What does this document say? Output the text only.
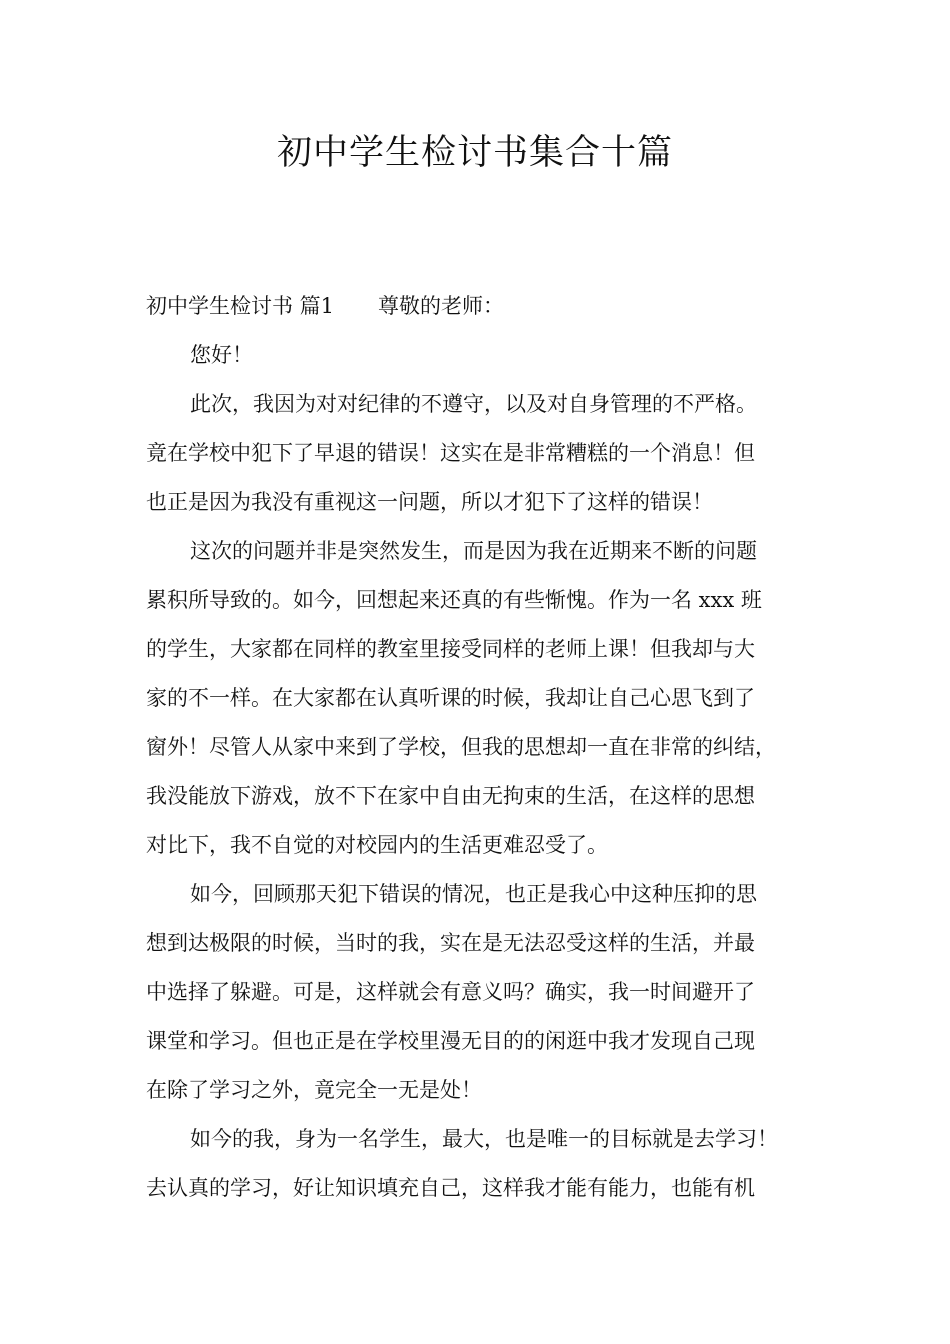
初中学生检讨书集合十篇
初中学生检讨书 篇1 尊敬的老师：
您好！
此次，我因为对对纪律的不遵守，以及对自身管理的不严格。
竟在学校中犯下了早退的错误！这实在是非常糟糕的一个消息！但
也正是因为我没有重视这一问题，所以才犯下了这样的错误！
这次的问题并非是突然发生，而是因为我在近期来不断的问题
累积所导致的。如今，回想起来还真的有些惭愧。作为一名 xxx 班
的学生，大家都在同样的教室里接受同样的老师上课！但我却与大
家的不一样。在大家都在认真听课的时候，我却让自己心思飞到了
窗外！尽管人从家中来到了学校，但我的思想却一直在非常的纠结，
我没能放下游戏，放不下在家中自由无拘束的生活，在这样的思想
对比下，我不自觉的对校园内的生活更难忍受了。
如今，回顾那天犯下错误的情况，也正是我心中这种压抑的思
想到达极限的时候，当时的我，实在是无法忍受这样的生活，并最
中选择了躲避。可是，这样就会有意义吗？确实，我一时间避开了
课堂和学习。但也正是在学校里漫无目的的闲逛中我才发现自己现
在除了学习之外，竟完全一无是处！
如今的我，身为一名学生，最大，也是唯一的目标就是去学习！
去认真的学习，好让知识填充自己，这样我才能有能力，也能有机
